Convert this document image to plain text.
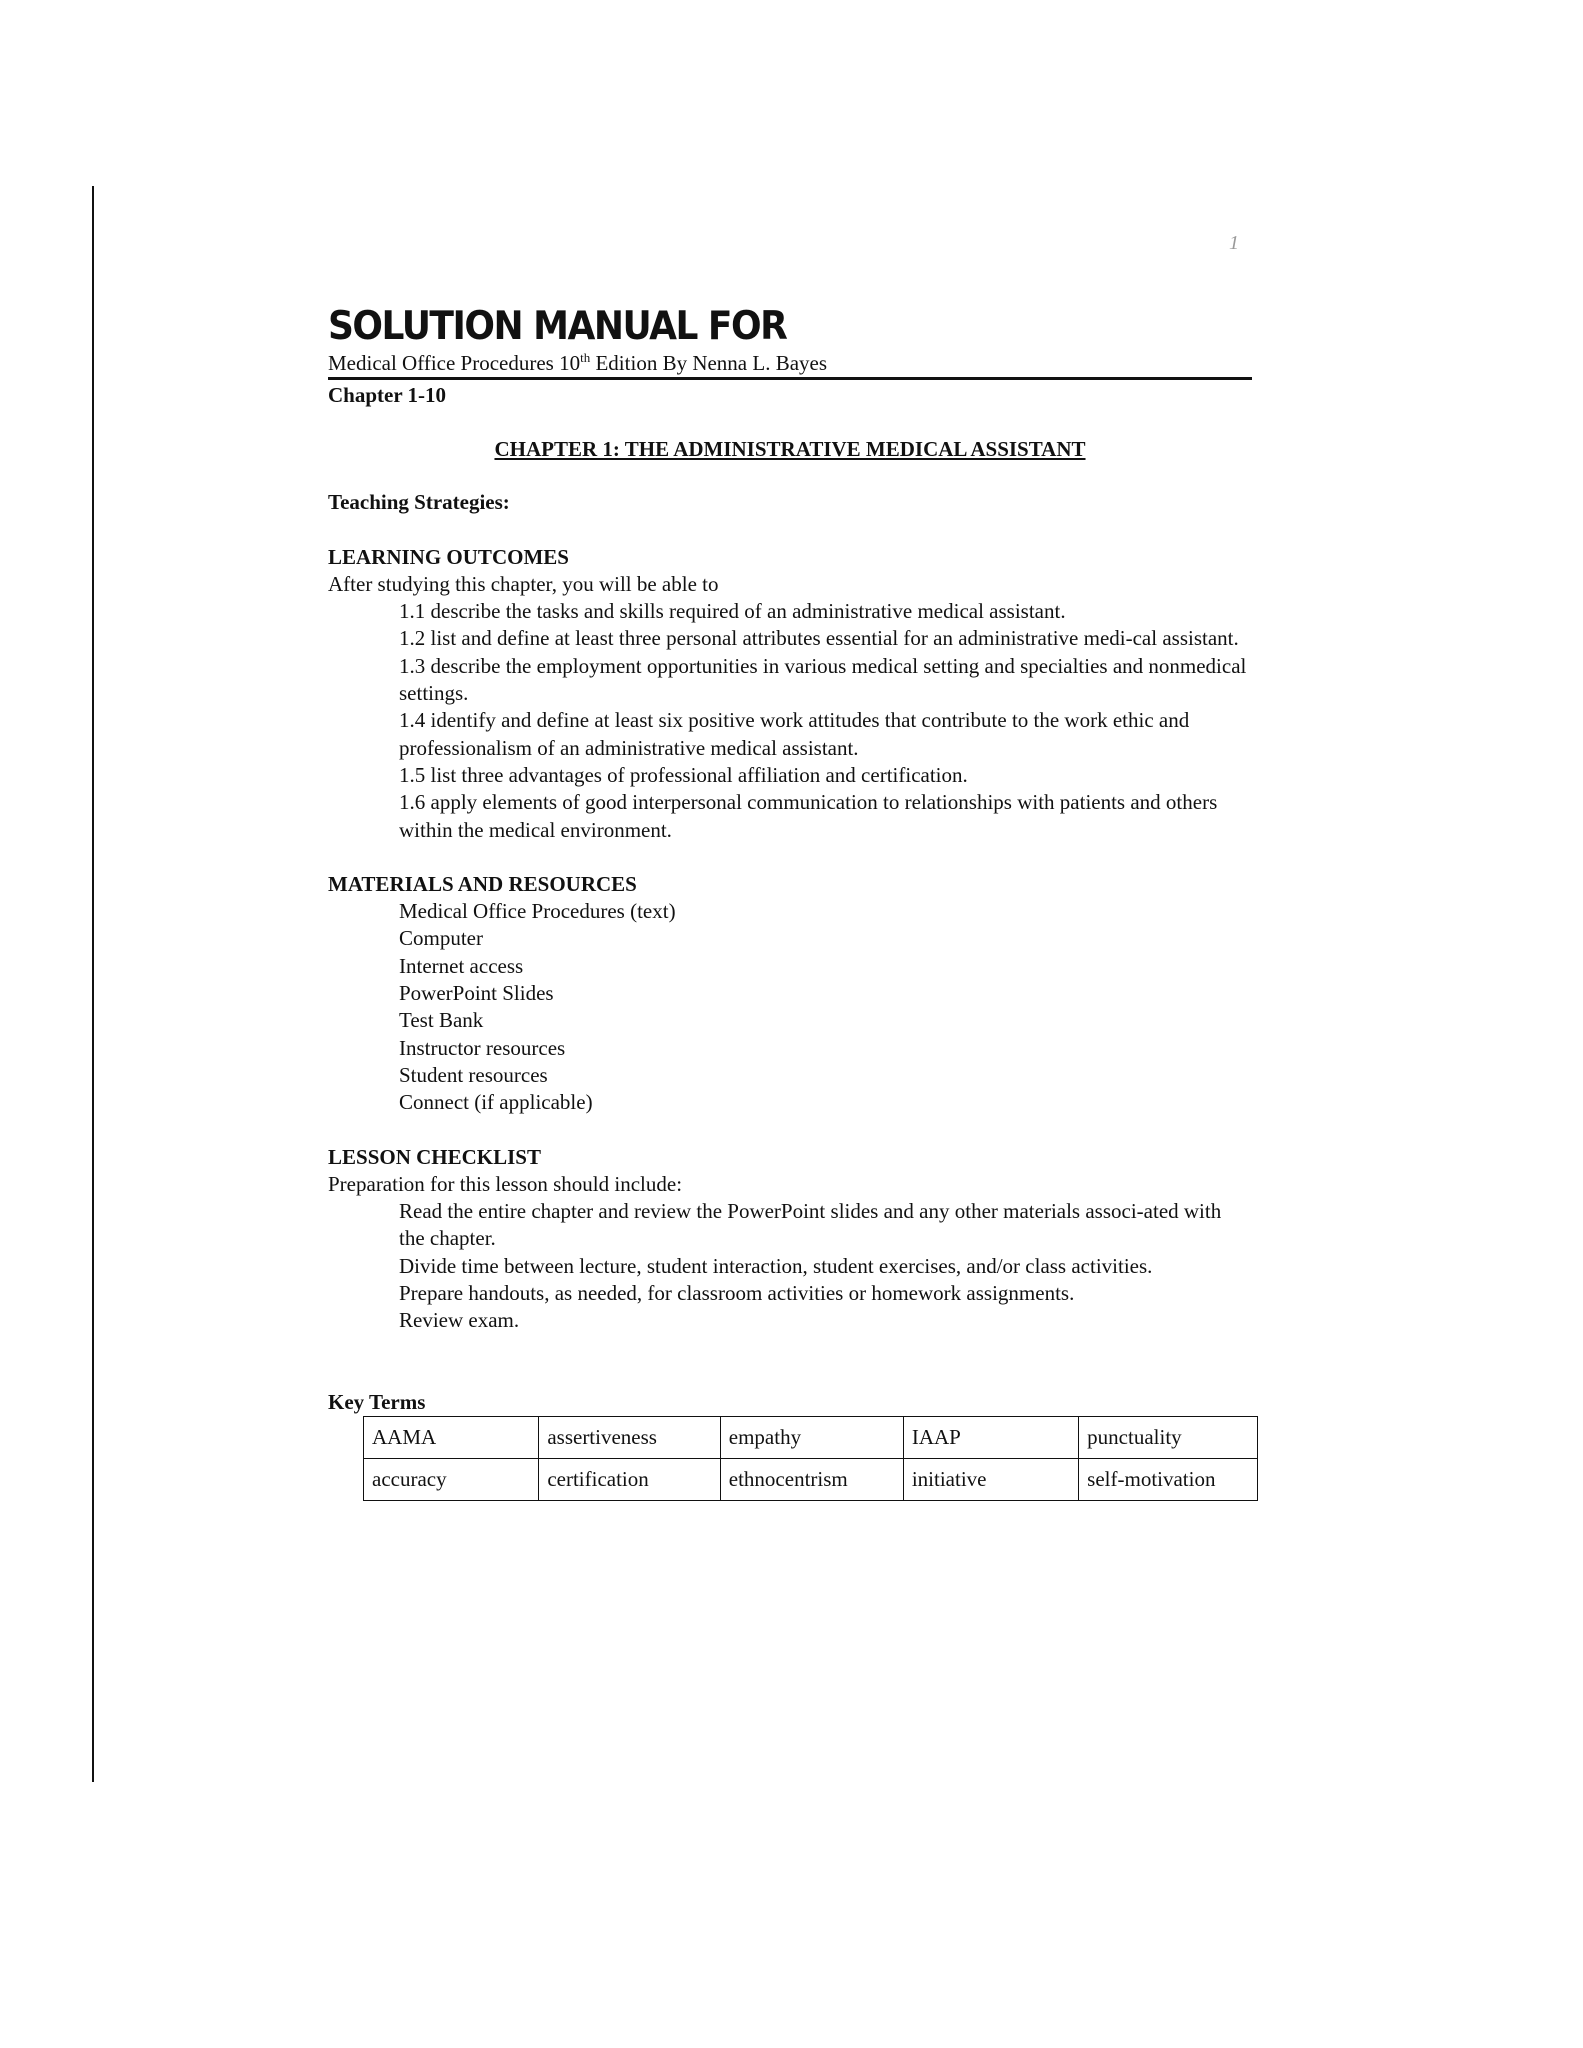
1
SOLUTION MANUAL FOR
Medical Office Procedures 10th Edition By Nenna L. Bayes
Chapter 1-10
CHAPTER 1: THE ADMINISTRATIVE MEDICAL ASSISTANT
Teaching Strategies:
LEARNING OUTCOMES
After studying this chapter, you will be able to

1.1 describe the tasks and skills required of an administrative medical assistant.

1.2 list and define at least three personal attributes essential for an administrative medi-cal assistant.

1.3 describe the employment opportunities in various medical setting and specialties and nonmedical settings.

1.4 identify and define at least six positive work attitudes that contribute to the work ethic and professionalism of an administrative medical assistant.

1.5 list three advantages of professional affiliation and certification.

1.6 apply elements of good interpersonal communication to relationships with patients and others within the medical environment.

MATERIALS AND RESOURCES

Medical Office Procedures (text)

Computer

Internet access

PowerPoint Slides

Test Bank

Instructor resources

Student resources

Connect (if applicable)

LESSON CHECKLIST
Preparation for this lesson should include:

Read the entire chapter and review the PowerPoint slides and any other materials associ-ated with the chapter.

Divide time between lecture, student interaction, student exercises, and/or class activities.

Prepare handouts, as needed, for classroom activities or homework assignments.

Review exam.

Key Terms
AAMA	assertiveness	empathy	IAAP	punctuality
accuracy	certification	ethnocentrism	initiative	self-motivation
